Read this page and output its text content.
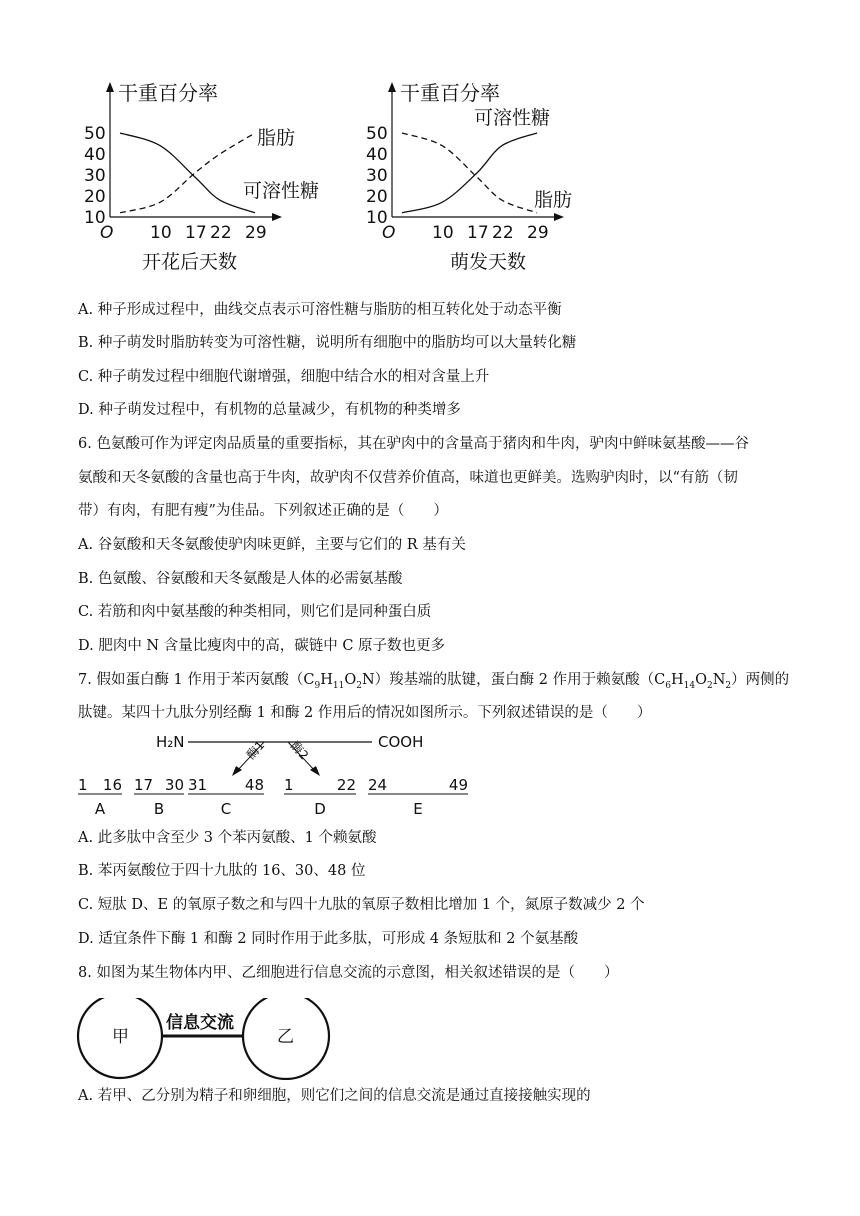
干重百分率
50
40
30
20
10
10 17 22 29
O
脂肪
可溶性糖
开花后天数
干重百分率
50
40
30
20
10
10 17 22 29
O
可溶性糖
脂肪
萌发天数
A. 种子形成过程中，曲线交点表示可溶性糖与脂肪的相互转化处于动态平衡
B. 种子萌发时脂肪转变为可溶性糖，说明所有细胞中的脂肪均可以大量转化糖
C. 种子萌发过程中细胞代谢增强，细胞中结合水的相对含量上升
D. 种子萌发过程中，有机物的总量减少，有机物的种类增多
6. 色氨酸可作为评定肉品质量的重要指标，其在驴肉中的含量高于猪肉和牛肉，驴肉中鲜味氨基酸——谷
氨酸和天冬氨酸的含量也高于牛肉，故驴肉不仅营养价值高，味道也更鲜美。选购驴肉时，以“有筋（韧
带）有肉，有肥有瘦”为佳品。下列叙述正确的是（　　）
A. 谷氨酸和天冬氨酸使驴肉味更鲜，主要与它们的 R 基有关
B. 色氨酸、谷氨酸和天冬氨酸是人体的必需氨基酸
C. 若筋和肉中氨基酸的种类相同，则它们是同种蛋白质
D. 肥肉中 N 含量比瘦肉中的高，碳链中 C 原子数也更多
7. 假如蛋白酶 1 作用于苯丙氨酸$(C_9H_{11}O_2N)$羧基端的肽键，蛋白酶 2 作用于赖氨酸$(C_6H_{14}O_2N_2)$两侧的
肽键。某四十九肽分别经酶 1 和酶 2 作用后的情况如图所示。下列叙述错误的是（　　）
H₂N	COOH
酶1 酶2
1 16
A
17 30
B
31	48
C
1	22
D
24	49
E
A. 此多肽中含至少 3 个苯丙氨酸、1 个赖氨酸
B. 苯丙氨酸位于四十九肽的 16、30、48 位
C. 短肽 D、E 的氧原子数之和与四十九肽的氧原子数相比增加 1 个，氮原子数减少 2 个
D. 适宜条件下酶 1 和酶 2 同时作用于此多肽，可形成 4 条短肽和 2 个氨基酸
8. 如图为某生物体内甲、乙细胞进行信息交流的示意图，相关叙述错误的是（　　）
甲	乙
信息交流
A. 若甲、乙分别为精子和卵细胞，则它们之间的信息交流是通过直接接触实现的
